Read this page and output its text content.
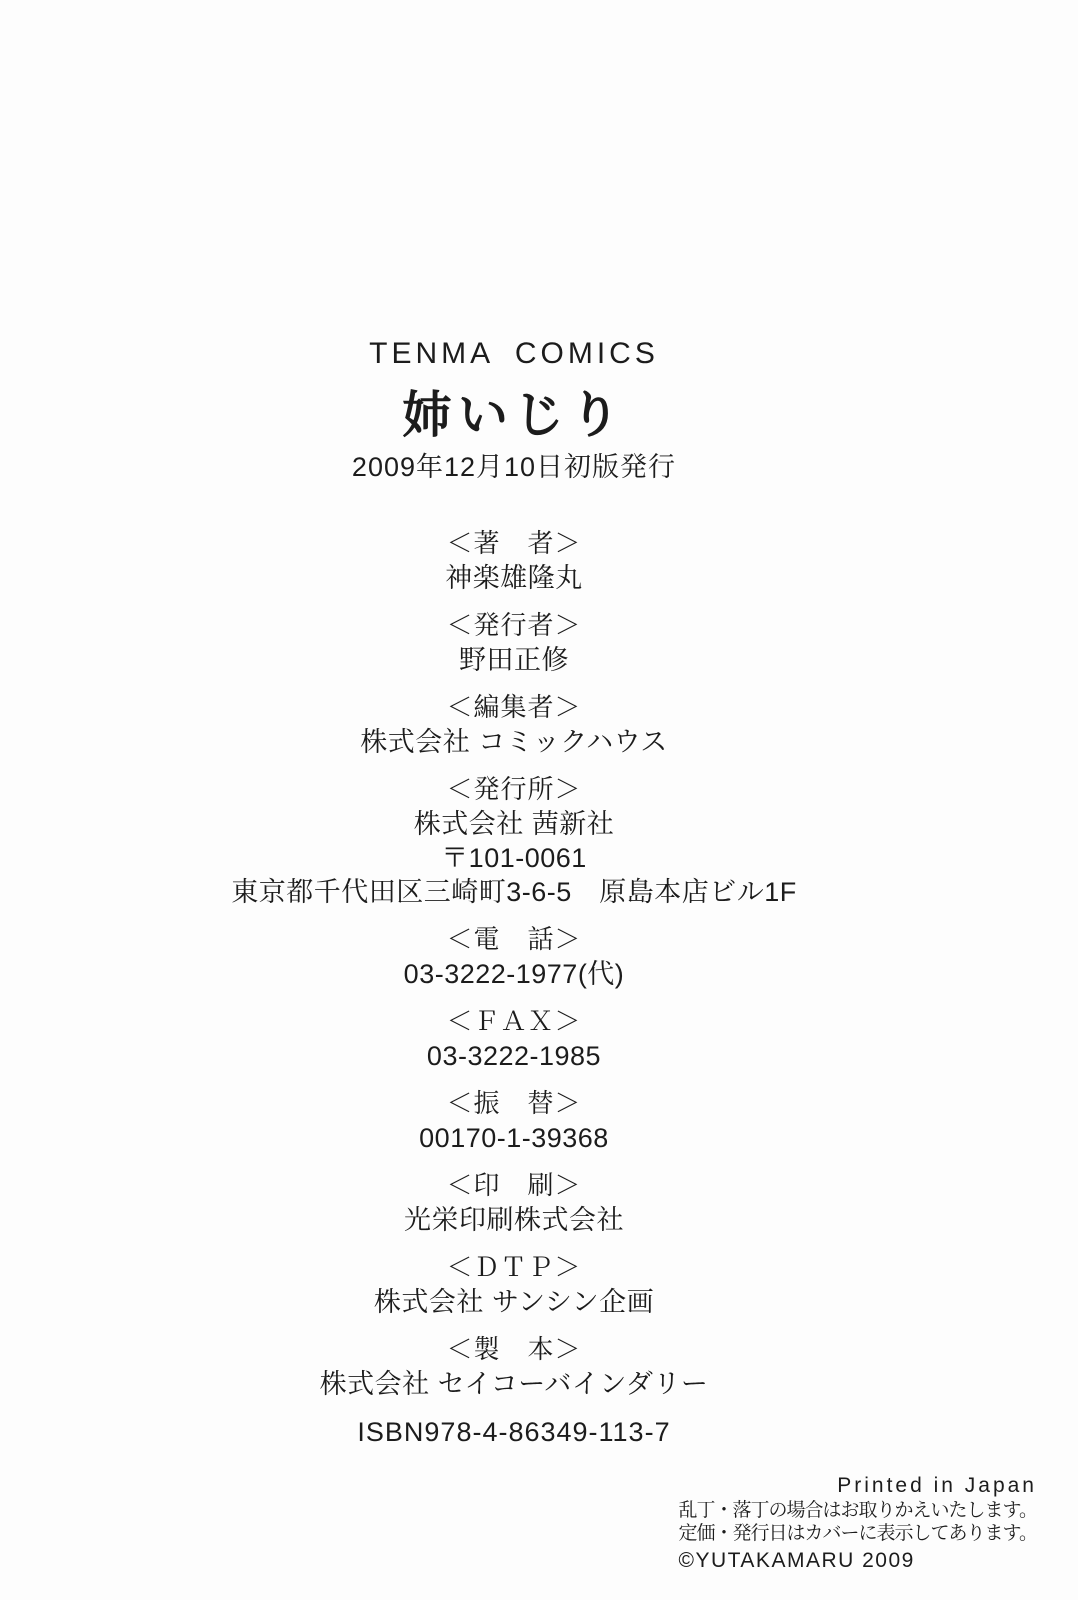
TENMA COMICS
姉いじり
2009年12月10日初版発行
＜著　者＞
神楽雄隆丸
＜発行者＞
野田正修
＜編集者＞
株式会社 コミックハウス
＜発行所＞
株式会社 茜新社
〒101-0061
東京都千代田区三崎町3-6-5　原島本店ビル1F
＜電　話＞
03-3222-1977(代)
＜ＦＡＸ＞
03-3222-1985
＜振　替＞
00170-1-39368
＜印　刷＞
光栄印刷株式会社
＜ＤＴＰ＞
株式会社 サンシン企画
＜製　本＞
株式会社 セイコーバインダリー
ISBN978-4-86349-113-7
Printed in Japan
乱丁・落丁の場合はお取りかえいたします。
定価・発行日はカバーに表示してあります。
©YUTAKAMARU 2009
